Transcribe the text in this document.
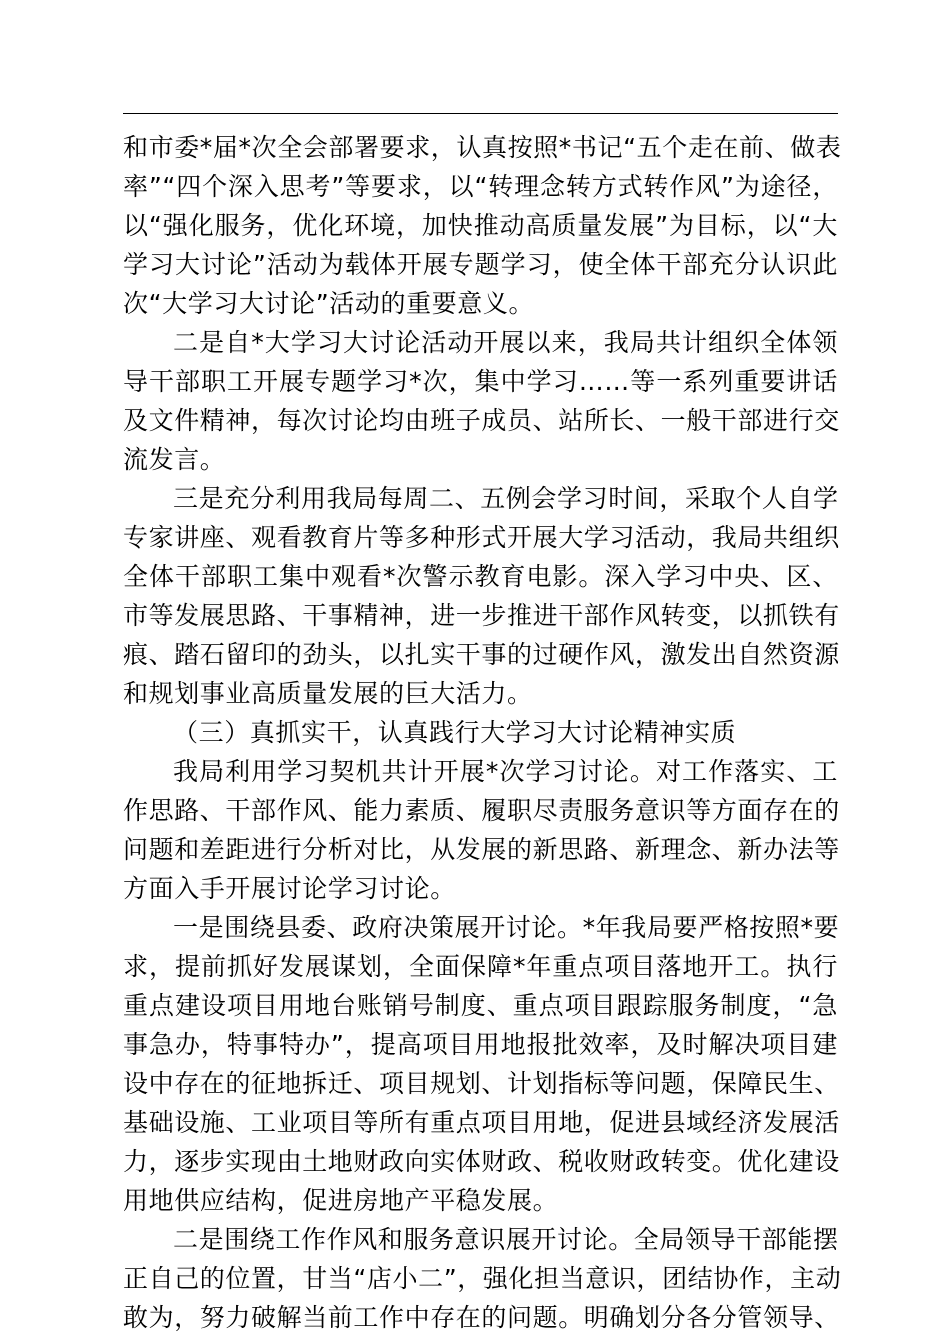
和市委*届*次全会部署要求，认真按照*书记“五个走在前、做表
率”“四个深入思考”等要求，以“转理念转方式转作风”为途径，
以“强化服务，优化环境，加快推动高质量发展”为目标，以“大
学习大讨论”活动为载体开展专题学习，使全体干部充分认识此
次“大学习大讨论”活动的重要意义。
二是自*大学习大讨论活动开展以来，我局共计组织全体领
导干部职工开展专题学习*次，集中学习……等一系列重要讲话
及文件精神，每次讨论均由班子成员、站所长、一般干部进行交
流发言。
三是充分利用我局每周二、五例会学习时间，采取个人自学
专家讲座、观看教育片等多种形式开展大学习活动，我局共组织
全体干部职工集中观看*次警示教育电影。深入学习中央、区、
市等发展思路、干事精神，进一步推进干部作风转变，以抓铁有
痕、踏石留印的劲头，以扎实干事的过硬作风，激发出自然资源
和规划事业高质量发展的巨大活力。
（三）真抓实干，认真践行大学习大讨论精神实质
我局利用学习契机共计开展*次学习讨论。对工作落实、工
作思路、干部作风、能力素质、履职尽责服务意识等方面存在的
问题和差距进行分析对比，从发展的新思路、新理念、新办法等
方面入手开展讨论学习讨论。
一是围绕县委、政府决策展开讨论。*年我局要严格按照*要
求，提前抓好发展谋划，全面保障*年重点项目落地开工。执行
重点建设项目用地台账销号制度、重点项目跟踪服务制度，“急
事急办，特事特办”，提高项目用地报批效率，及时解决项目建
设中存在的征地拆迁、项目规划、计划指标等问题，保障民生、
基础设施、工业项目等所有重点项目用地，促进县域经济发展活
力，逐步实现由土地财政向实体财政、税收财政转变。优化建设
用地供应结构，促进房地产平稳发展。
二是围绕工作作风和服务意识展开讨论。全局领导干部能摆
正自己的位置，甘当“店小二”，强化担当意识，团结协作，主动
敢为，努力破解当前工作中存在的问题。明确划分各分管领导、
